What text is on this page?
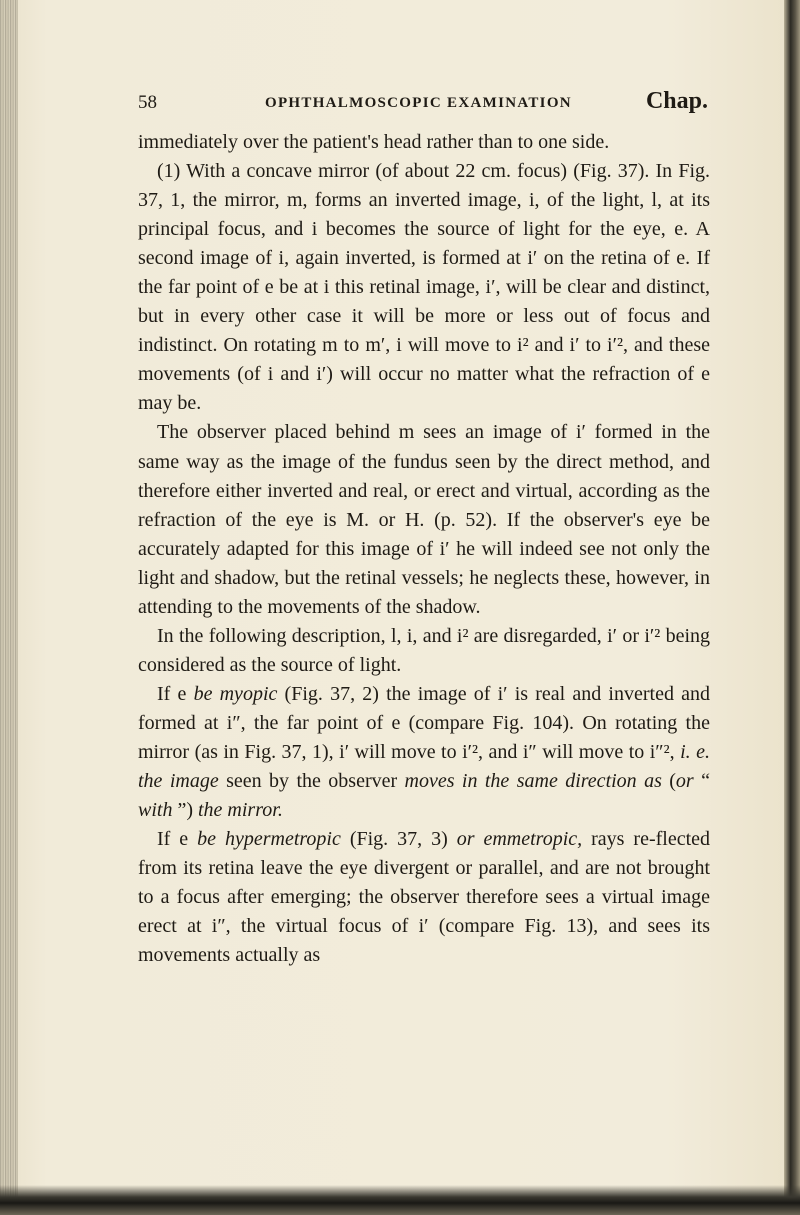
58	OPHTHALMOSCOPIC EXAMINATION	Chap.

immediately over the patient's head rather than to one side.

(1) With a concave mirror (of about 22 cm. focus) (Fig. 37). In Fig. 37, 1, the mirror, m, forms an inverted image, i, of the light, l, at its principal focus, and i becomes the source of light for the eye, e. A second image of i, again inverted, is formed at i′ on the retina of e. If the far point of e be at i this retinal image, i′, will be clear and distinct, but in every other case it will be more or less out of focus and indistinct. On rotating m to m′, i will move to i² and i′ to i′², and these movements (of i and i′) will occur no matter what the refraction of e may be.

The observer placed behind m sees an image of i′ formed in the same way as the image of the fundus seen by the direct method, and therefore either inverted and real, or erect and virtual, according as the refraction of the eye is M. or H. (p. 52). If the observer's eye be accurately adapted for this image of i′ he will indeed see not only the light and shadow, but the retinal vessels; he neglects these, however, in attending to the movements of the shadow.

In the following description, l, i, and i² are disregarded, i′ or i′² being considered as the source of light.

If e be myopic (Fig. 37, 2) the image of i′ is real and inverted and formed at i″, the far point of e (compare Fig. 104). On rotating the mirror (as in Fig. 37, 1), i′ will move to i′², and i″ will move to i″², i. e. the image seen by the observer moves in the same direction as (or “ with ”) the mirror.

If e be hypermetropic (Fig. 37, 3) or emmetropic, rays re-flected from its retina leave the eye divergent or parallel, and are not brought to a focus after emerging; the observer therefore sees a virtual image erect at i″, the virtual focus of i′ (compare Fig. 13), and sees its movements actually as
